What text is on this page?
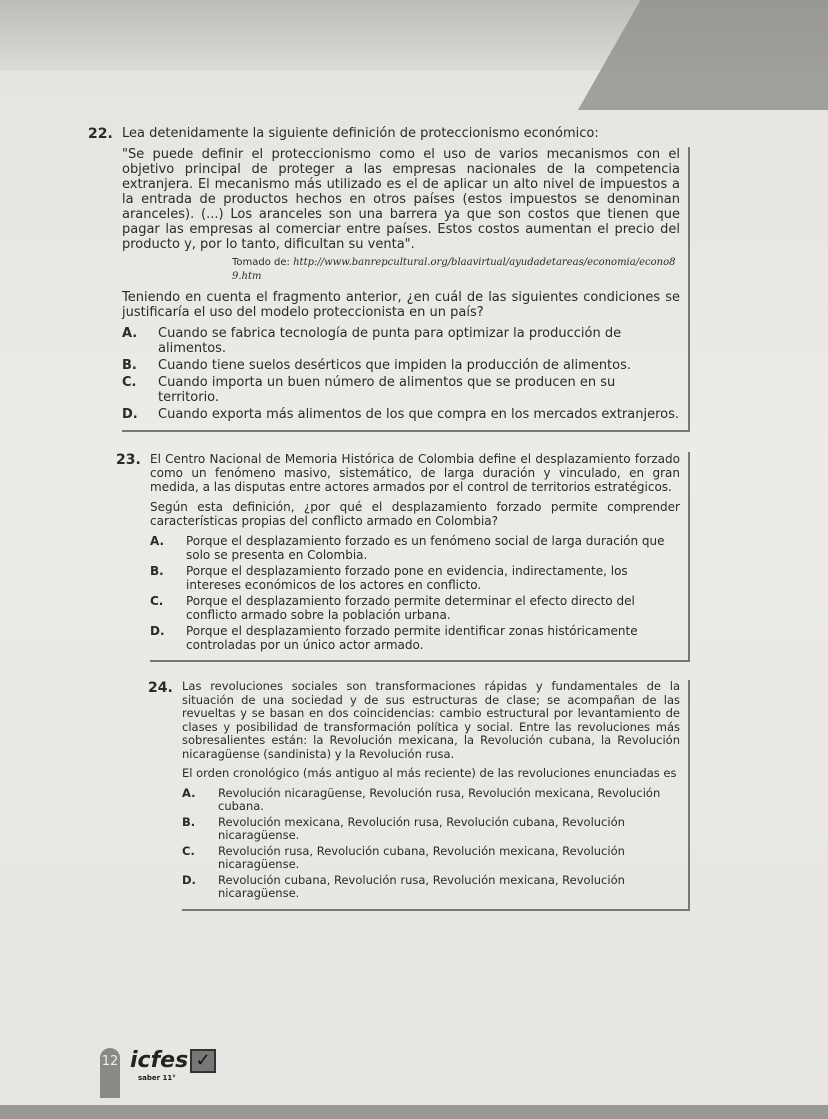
22. Lea detenidamente la siguiente definición de proteccionismo económico:
"Se puede definir el proteccionismo como el uso de varios mecanismos con el objetivo principal de proteger a las empresas nacionales de la competencia extranjera. El mecanismo más utilizado es el de aplicar un alto nivel de impuestos a la entrada de productos hechos en otros países (estos impuestos se denominan aranceles). (...) Los aranceles son una barrera ya que son costos que tienen que pagar las empresas al comerciar entre países. Estos costos aumentan el precio del producto y, por lo tanto, dificultan su venta".
Tomado de: http://www.banrepcultural.org/blaavirtual/ayudadetareas/economia/econo89.htm
Teniendo en cuenta el fragmento anterior, ¿en cuál de las siguientes condiciones se justificaría el uso del modelo proteccionista en un país?
A.	Cuando se fabrica tecnología de punta para optimizar la producción de alimentos.
B.	Cuando tiene suelos desérticos que impiden la producción de alimentos.
C.	Cuando importa un buen número de alimentos que se producen en su territorio.
D.	Cuando exporta más alimentos de los que compra en los mercados extranjeros.
23. El Centro Nacional de Memoria Histórica de Colombia define el desplazamiento forzado como un fenómeno masivo, sistemático, de larga duración y vinculado, en gran medida, a las disputas entre actores armados por el control de territorios estratégicos.
Según esta definición, ¿por qué el desplazamiento forzado permite comprender características propias del conflicto armado en Colombia?
A.	Porque el desplazamiento forzado es un fenómeno social de larga duración que solo se presenta en Colombia.
B.	Porque el desplazamiento forzado pone en evidencia, indirectamente, los intereses económicos de los actores en conflicto.
C.	Porque el desplazamiento forzado permite determinar el efecto directo del conflicto armado sobre la población urbana.
D.	Porque el desplazamiento forzado permite identificar zonas históricamente controladas por un único actor armado.
24. Las revoluciones sociales son transformaciones rápidas y fundamentales de la situación de una sociedad y de sus estructuras de clase; se acompañan de las revueltas y se basan en dos coincidencias: cambio estructural por levantamiento de clases y posibilidad de transformación política y social. Entre las revoluciones más sobresalientes están: la Revolución mexicana, la Revolución cubana, la Revolución nicaragüense (sandinista) y la Revolución rusa.
El orden cronológico (más antiguo al más reciente) de las revoluciones enunciadas es
A.	Revolución nicaragüense, Revolución rusa, Revolución mexicana, Revolución cubana.
B.	Revolución mexicana, Revolución rusa, Revolución cubana, Revolución nicaragüense.
C.	Revolución rusa, Revolución cubana, Revolución mexicana, Revolución nicaragüense.
D.	Revolución cubana, Revolución rusa, Revolución mexicana, Revolución nicaragüense.
12 icfes ✓
saber 11°
